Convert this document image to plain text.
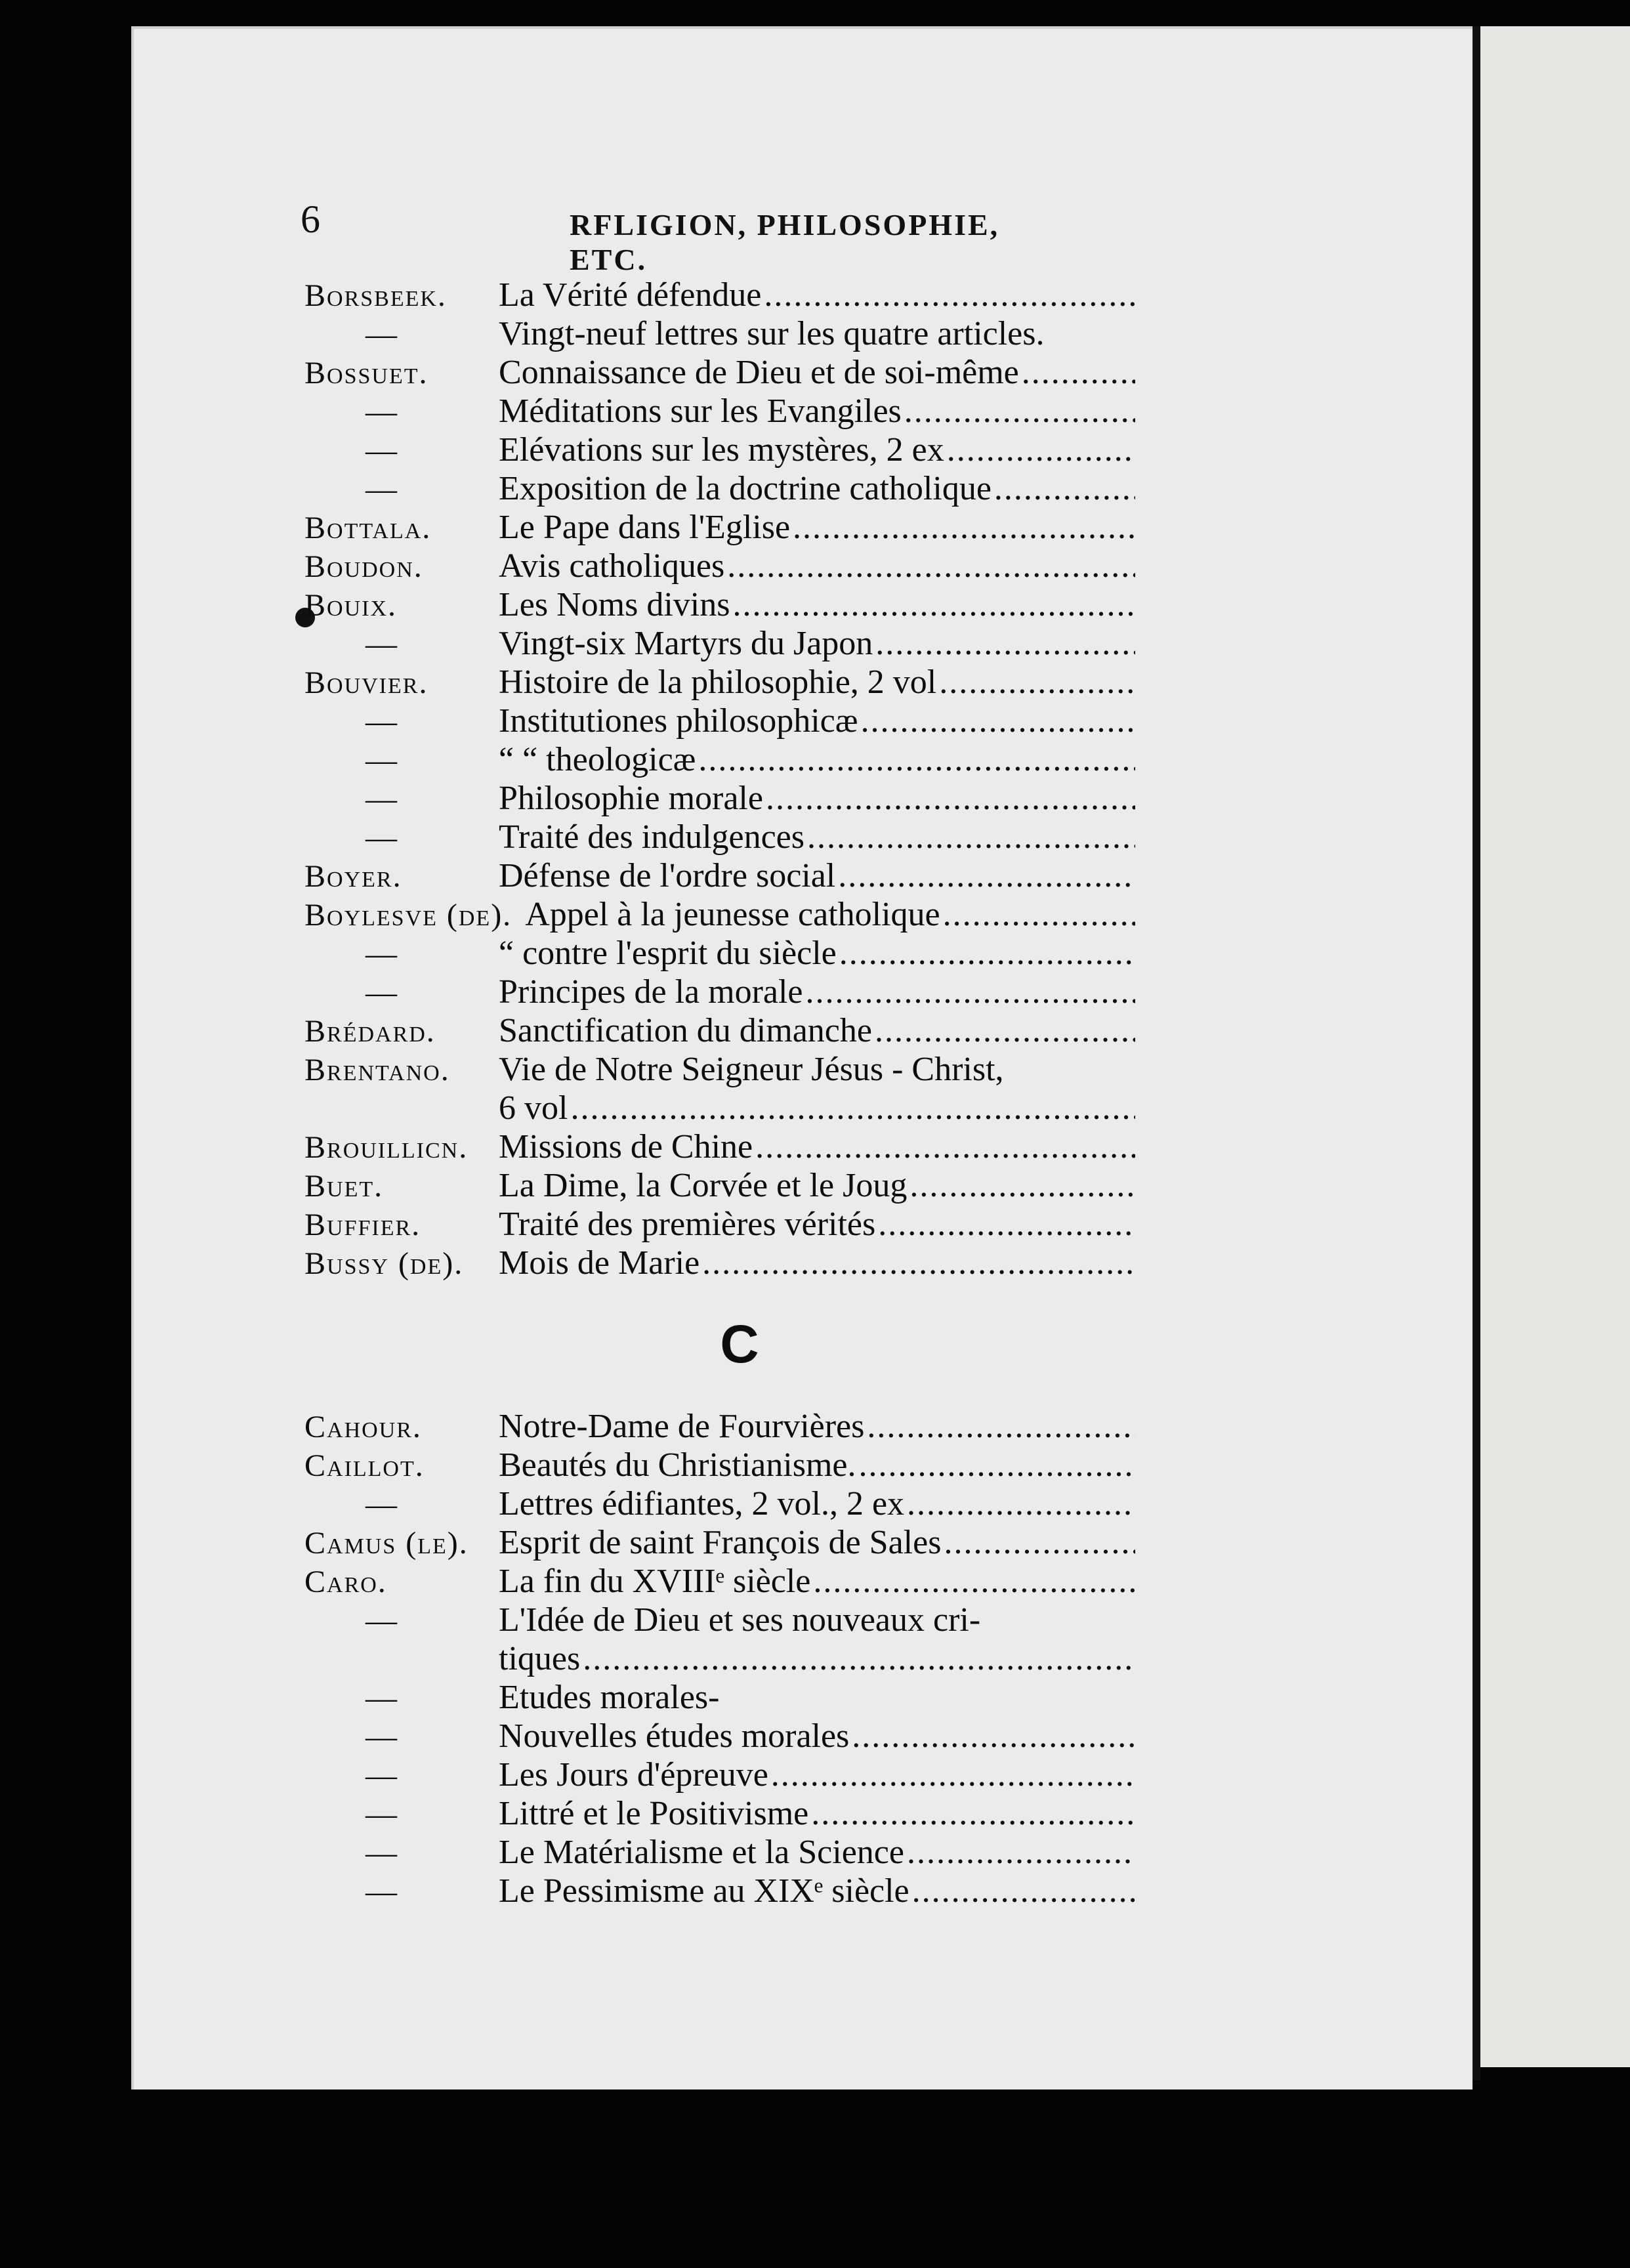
6	RFLIGION, PHILOSOPHIE, ETC.
Borsbeek.	La Vérité défendue
.....
—	Vingt-neuf lettres sur les quatre articles.
Bossuet.	Connaissance de Dieu et de soi-même
.....
—	Méditations sur les Evangiles
.....
—	Elévations sur les mystères, 2 ex
.....
—	Exposition de la doctrine catholique
.....
Bottala.	Le Pape dans l'Eglise
.....
Boudon.	Avis catholiques
.....
Bouix.	Les Noms divins
.....
—	Vingt-six Martyrs du Japon
.....
Bouvier.	Histoire de la philosophie, 2 vol
.....
—	Institutiones philosophicæ
.....
—	“ “ theologicæ
.....
—	Philosophie morale
.....
—	Traité des indulgences
.....
Boyer.	Défense de l'ordre social
.....
Boylesve (de). Appel à la jeunesse catholique
.....
—	“ contre l'esprit du siècle
.....
—	Principes de la morale
.....
Brédard.	Sanctification du dimanche
.....
Brentano.	Vie de Notre Seigneur Jésus - Christ,
6 vol
.....
Brouillicn. Missions de Chine
.....
Buet.	La Dime, la Corvée et le Joug
.....
Buffier.	Traité des premières vérités
.....
Bussy (de).	Mois de Marie
.....
C
Cahour.	Notre-Dame de Fourvières
.....
Caillot.	Beautés du Christianisme.
.....
—	Lettres édifiantes, 2 vol., 2 ex
.....
Camus (le). Esprit de saint François de Sales
.....
Caro.	La fin du XVIIIᵉ siècle
.....
—	L'Idée de Dieu et ses nouveaux cri-
tiques
.....
—	Etudes morales-
—	Nouvelles études morales
.....
—	Les Jours d'épreuve
.....
—	Littré et le Positivisme
.....
—	Le Matérialisme et la Science
.....
—	Le Pessimisme au XIXᵉ siècle
.....
